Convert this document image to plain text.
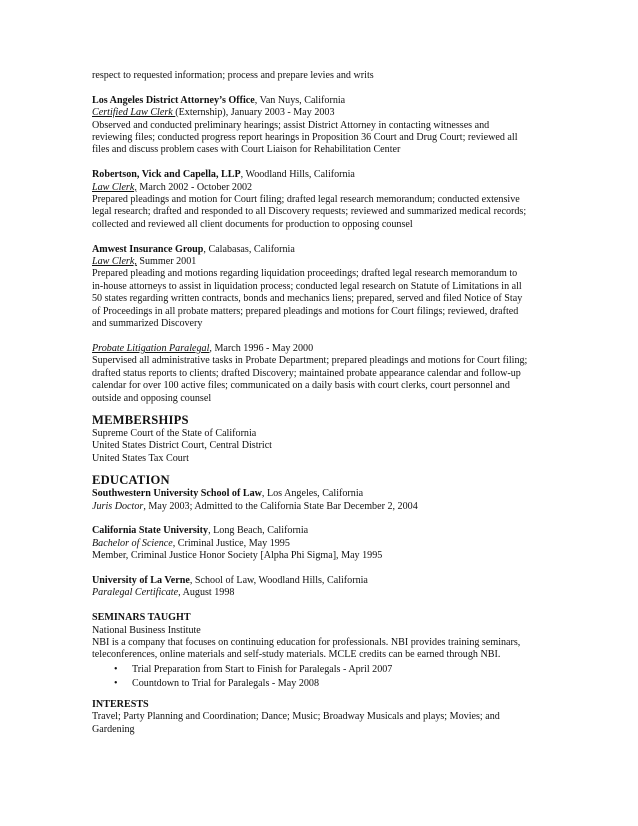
respect to requested information; process and prepare levies and writs

Los Angeles District Attorney’s Office, Van Nuys, California

Certified Law Clerk (Externship), January 2003 - May 2003

Observed and conducted preliminary hearings; assist District Attorney in contacting witnesses and

reviewing files; conducted progress report hearings in Proposition 36 Court and Drug Court; reviewed all

files and discuss problem cases with Court Liaison for Rehabilitation Center

Robertson, Vick and Capella, LLP, Woodland Hills, California

Law Clerk, March 2002 - October 2002

Prepared pleadings and motion for Court filing; drafted legal research memorandum; conducted extensive

legal research; drafted and responded to all Discovery requests; reviewed and summarized medical records;

collected and reviewed all client documents for production to opposing counsel

Amwest Insurance Group, Calabasas, California

Law Clerk, Summer 2001

Prepared pleading and motions regarding liquidation proceedings; drafted legal research memorandum to

in-house attorneys to assist in liquidation process; conducted legal research on Statute of Limitations in all

50 states regarding written contracts, bonds and mechanics liens; prepared, served and filed Notice of Stay

of Proceedings in all probate matters; prepared pleadings and motions for Court filings; reviewed, drafted

and summarized Discovery

Probate Litigation Paralegal, March 1996 - May 2000

Supervised all administrative tasks in Probate Department; prepared pleadings and motions for Court filing;

drafted status reports to clients; drafted Discovery; maintained probate appearance calendar and follow-up

calendar for over 100 active files; communicated on a daily basis with court clerks, court personnel and

outside and opposing counsel

MEMBERSHIPS

Supreme Court of the State of California

United States District Court, Central District

United States Tax Court

EDUCATION

Southwestern University School of Law, Los Angeles, California

Juris Doctor, May 2003; Admitted to the California State Bar December 2, 2004

California State University, Long Beach, California

Bachelor of Science, Criminal Justice, May 1995

Member, Criminal Justice Honor Society [Alpha Phi Sigma], May 1995

University of La Verne, School of Law, Woodland Hills, California

Paralegal Certificate, August 1998

SEMINARS TAUGHT

National Business Institute

NBI is a company that focuses on continuing education for professionals. NBI provides training seminars,

teleconferences, online materials and self-study materials. MCLE credits can be earned through NBI.

• Trial Preparation from Start to Finish for Paralegals - April 2007
• Countdown to Trial for Paralegals - May 2008

INTERESTS

Travel; Party Planning and Coordination; Dance; Music; Broadway Musicals and plays; Movies; and

Gardening
